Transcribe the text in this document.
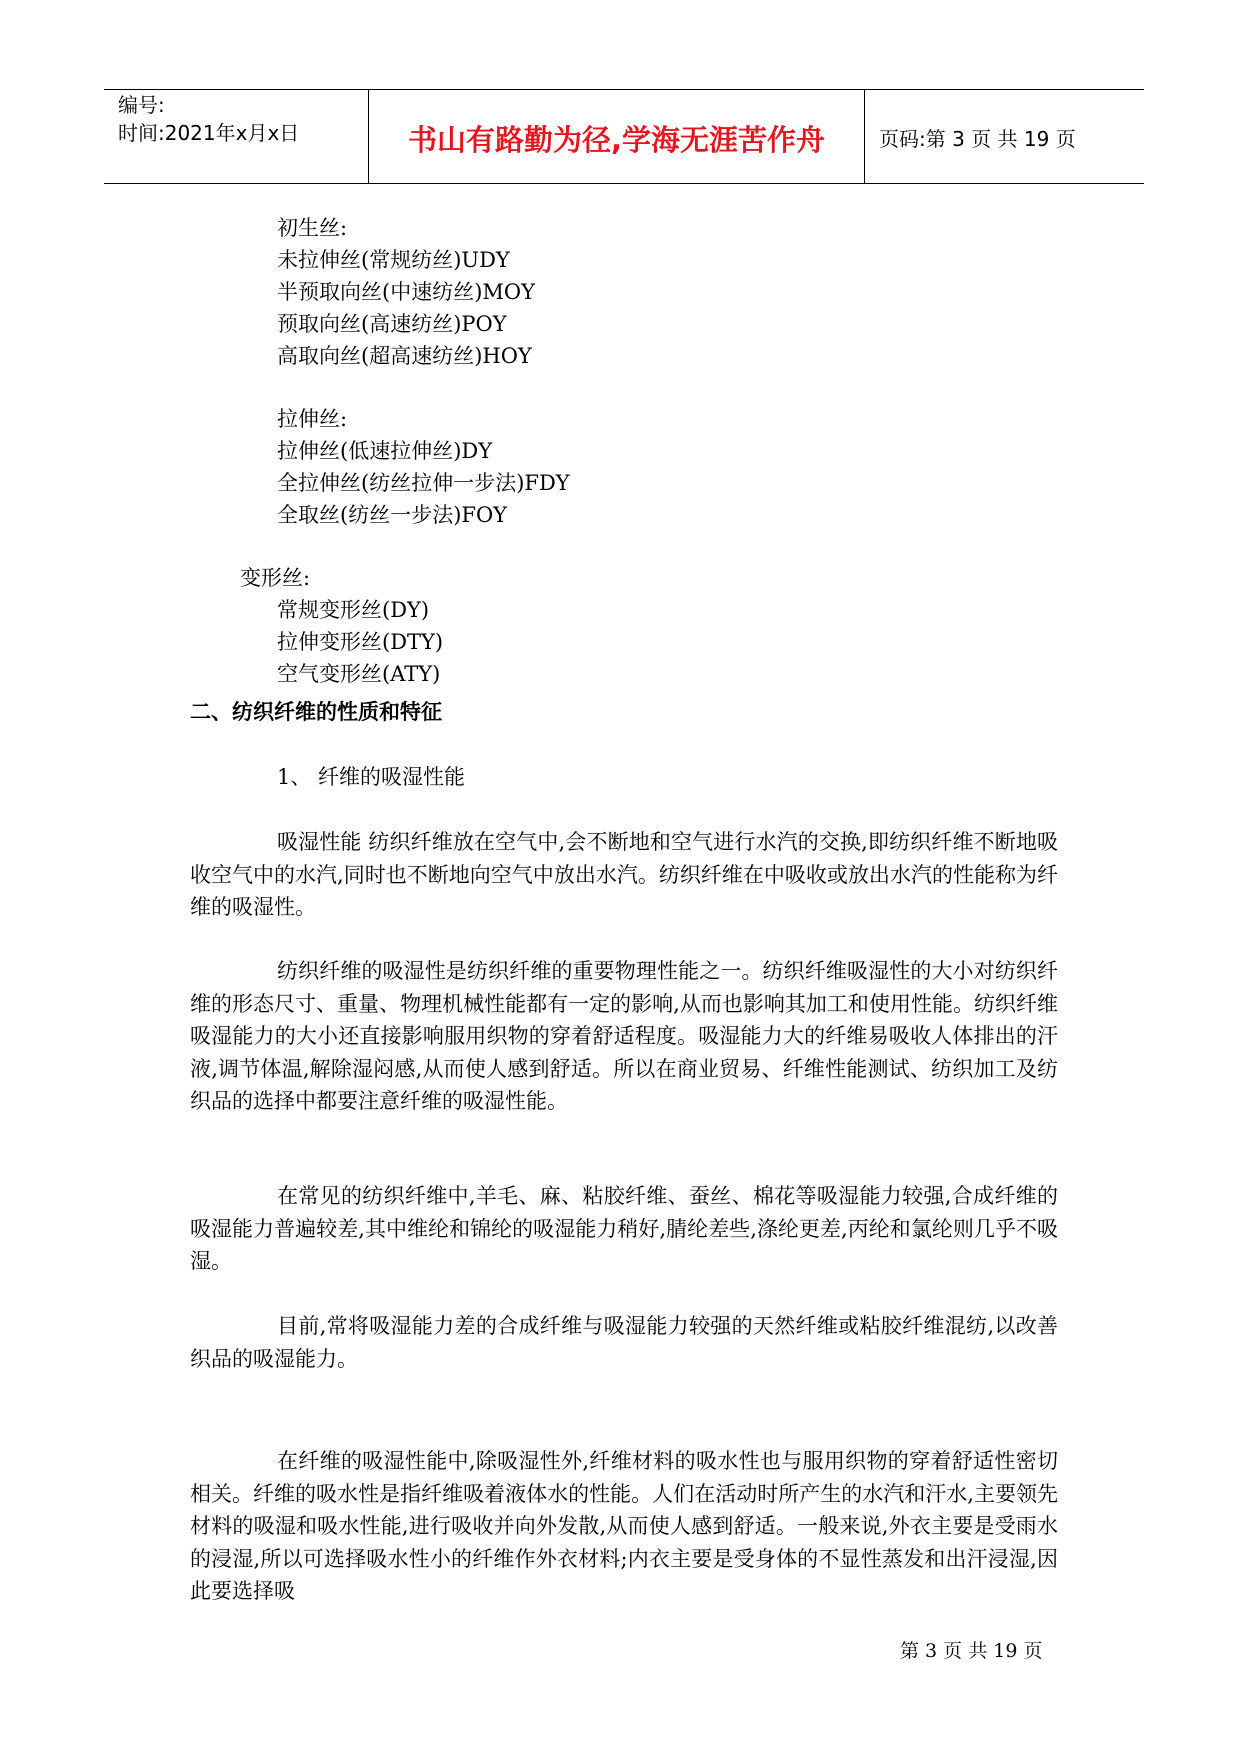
编号:
时间:2021年x月x日	书山有路勤为径,学海无涯苦作舟	页码:第 3 页 共 19 页
初生丝:
未拉伸丝(常规纺丝)UDY
半预取向丝(中速纺丝)MOY
预取向丝(高速纺丝)POY
高取向丝(超高速纺丝)HOY
拉伸丝:
拉伸丝(低速拉伸丝)DY
全拉伸丝(纺丝拉伸一步法)FDY
全取丝(纺丝一步法)FOY
变形丝:
常规变形丝(DY)
拉伸变形丝(DTY)
空气变形丝(ATY)
二、纺织纤维的性质和特征
1、 纤维的吸湿性能

吸湿性能 纺织纤维放在空气中,会不断地和空气进行水汽的交换,即纺织纤维不断地吸收空气中的水汽,同时也不断地向空气中放出水汽。纺织纤维在中吸收或放出水汽的性能称为纤维的吸湿性。

纺织纤维的吸湿性是纺织纤维的重要物理性能之一。纺织纤维吸湿性的大小对纺织纤维的形态尺寸、重量、物理机械性能都有一定的影响,从而也影响其加工和使用性能。纺织纤维吸湿能力的大小还直接影响服用织物的穿着舒适程度。吸湿能力大的纤维易吸收人体排出的汗液,调节体温,解除湿闷感,从而使人感到舒适。所以在商业贸易、纤维性能测试、纺织加工及纺织品的选择中都要注意纤维的吸湿性能。

在常见的纺织纤维中,羊毛、麻、粘胶纤维、蚕丝、棉花等吸湿能力较强,合成纤维的吸湿能力普遍较差,其中维纶和锦纶的吸湿能力稍好,腈纶差些,涤纶更差,丙纶和氯纶则几乎不吸湿。

目前,常将吸湿能力差的合成纤维与吸湿能力较强的天然纤维或粘胶纤维混纺,以改善织品的吸湿能力。

在纤维的吸湿性能中,除吸湿性外,纤维材料的吸水性也与服用织物的穿着舒适性密切相关。纤维的吸水性是指纤维吸着液体水的性能。人们在活动时所产生的水汽和汗水,主要领先材料的吸湿和吸水性能,进行吸收并向外发散,从而使人感到舒适。一般来说,外衣主要是受雨水的浸湿,所以可选择吸水性小的纤维作外衣材料;内衣主要是受身体的不显性蒸发和出汗浸湿,因此要选择吸

第 3 页 共 19 页
